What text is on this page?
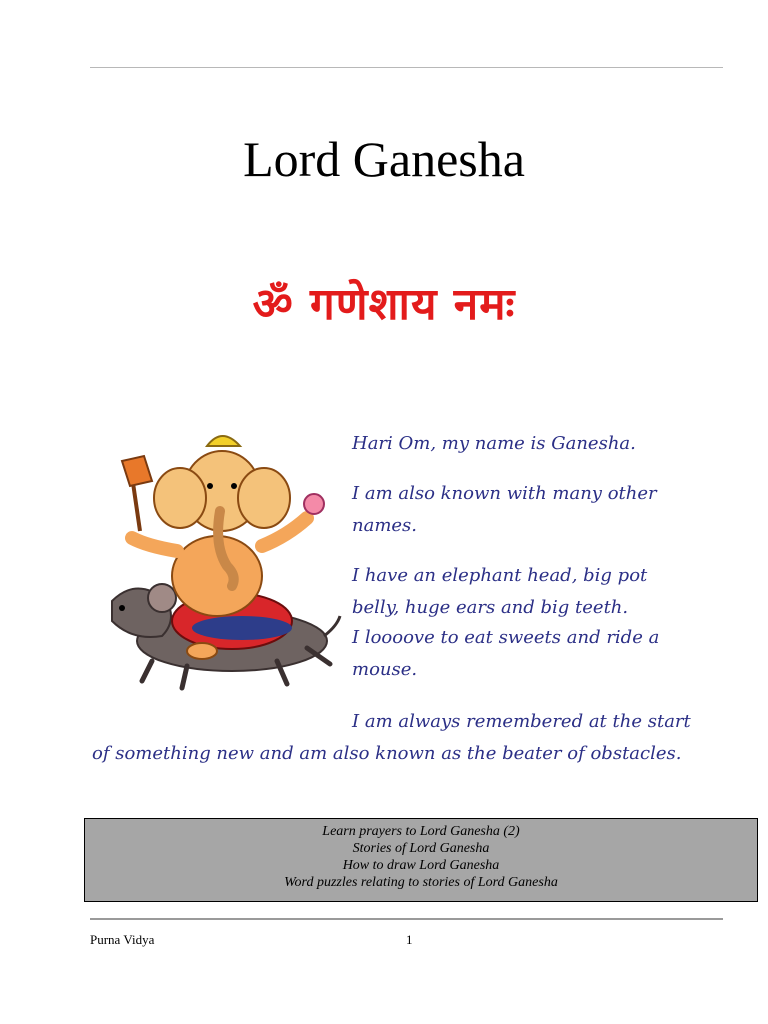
Lord Ganesha
ॐ गणेशाय नमः
Hari Om, my name is Ganesha.
I am also known with many other names.
I have an elephant head, big pot belly, huge ears and big teeth.
I loooove to eat sweets and ride a mouse.
I am always remembered at the start of something new and am also known as the beater of obstacles.
Learn prayers to Lord Ganesha (2)
Stories of Lord Ganesha
How to draw Lord Ganesha
Word puzzles relating to stories of Lord Ganesha
Purna Vidya	1
